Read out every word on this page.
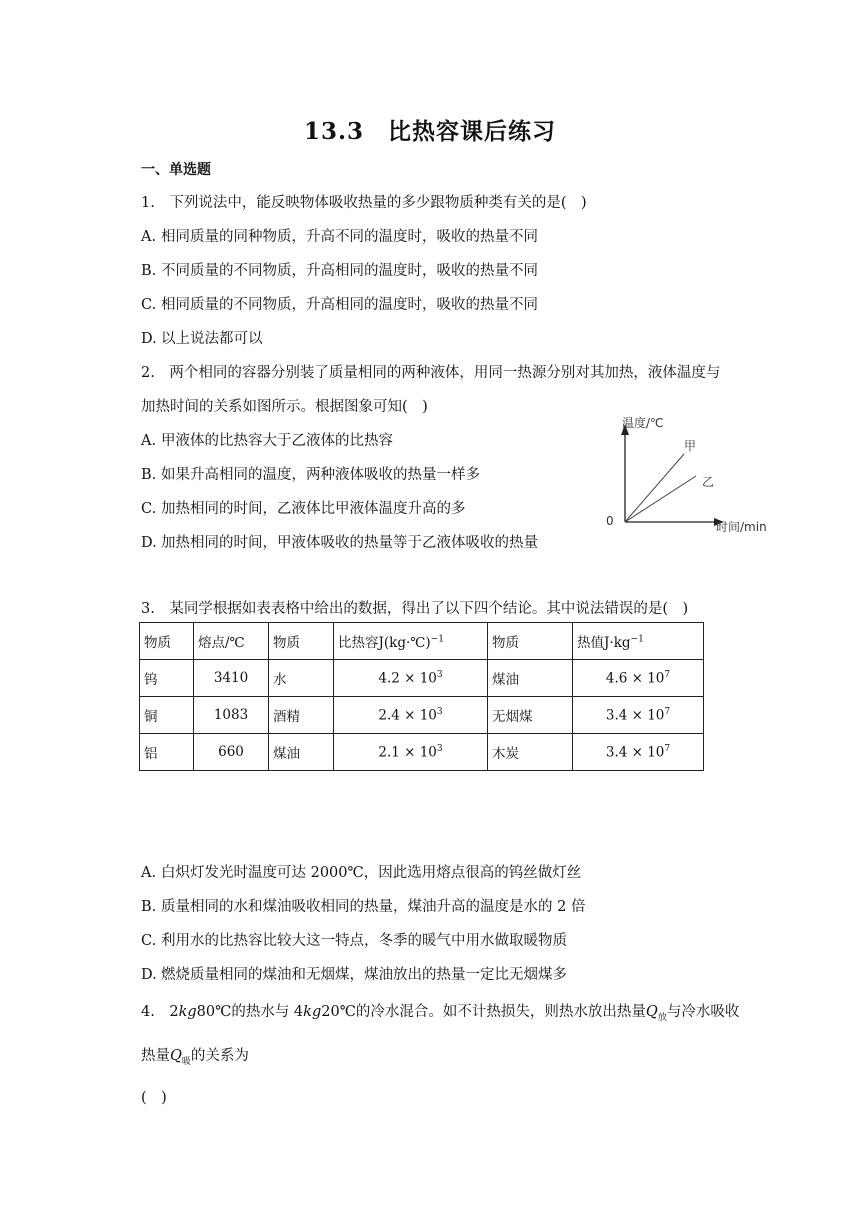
13.3　比热容课后练习
一、单选题
1.　下列说法中，能反映物体吸收热量的多少跟物质种类有关的是(　)
A. 相同质量的同种物质，升高不同的温度时，吸收的热量不同
B. 不同质量的不同物质，升高相同的温度时，吸收的热量不同
C. 相同质量的不同物质，升高相同的温度时，吸收的热量不同
D. 以上说法都可以
2.　两个相同的容器分别装了质量相同的两种液体，用同一热源分别对其加热，液体温度与
加热时间的关系如图所示。根据图象可知(　)
A. 甲液体的比热容大于乙液体的比热容
B. 如果升高相同的温度，两种液体吸收的热量一样多
C. 加热相同的时间，乙液体比甲液体温度升高的多
D. 加热相同的时间，甲液体吸收的热量等于乙液体吸收的热量
温度/℃
时间/min
0
甲
乙
3.　某同学根据如表表格中给出的数据，得出了以下四个结论。其中说法错误的是(　)
物质	熔点/℃	物质	比热容J(kg·℃)$^{-1}$	物质	热值$J\cdot kg^{-1}$
钨	3410	水	$4.2 \times 10^3$	煤油	$4.6 \times 10^7$
铜	1083	酒精	$2.4 \times 10^3$	无烟煤	$3.4 \times 10^7$
铝	660	煤油	$2.1 \times 10^3$	木炭	$3.4 \times 10^7$
A. 白炽灯发光时温度可达 2000℃，因此选用熔点很高的钨丝做灯丝
B. 质量相同的水和煤油吸收相同的热量，煤油升高的温度是水的 2 倍
C. 利用水的比热容比较大这一特点，冬季的暖气中用水做取暖物质
D. 燃烧质量相同的煤油和无烟煤，煤油放出的热量一定比无烟煤多
4.　 2kg80℃的热水与 4kg20℃的冷水混合。如不计热损失，则热水放出热量$Q_放$与冷水吸收
热量$Q_吸$的关系为
(　)
